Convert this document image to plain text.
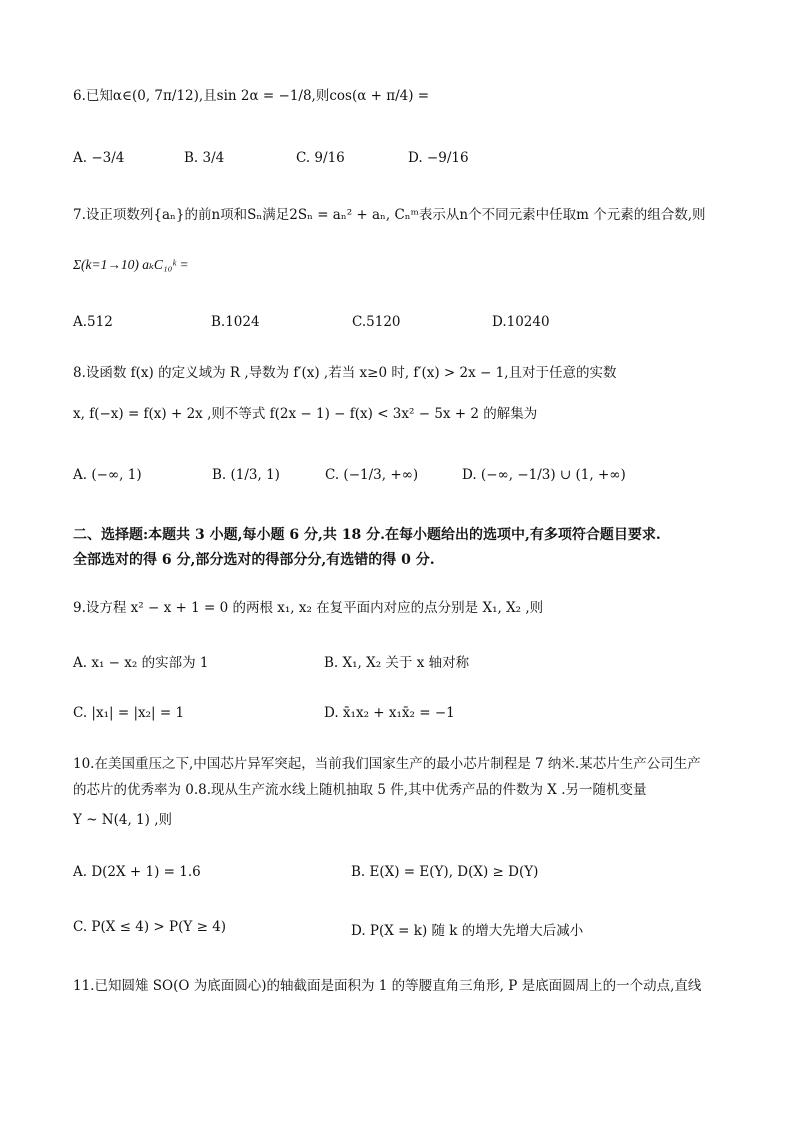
6.已知α∈(0, 7π/12),且sin 2α = −1/8,则cos(α + π/4) =
A. −3/4	B. 3/4	C. 9/16	D. −9/16
7.设正项数列{aₙ}的前n项和Sₙ满足2Sₙ = aₙ² + aₙ, Cₙᵐ表示从n个不同元素中任取m 个元素的组合数,则
Σ(k=1→10) aₖC₁₀ᵏ =
A.512	B.1024	C.5120	D.10240
8.设函数 f(x) 的定义域为 R ,导数为 f′(x) ,若当 x≥0 时, f′(x) > 2x − 1,且对于任意的实数
x, f(−x) = f(x) + 2x ,则不等式 f(2x − 1) − f(x) < 3x² − 5x + 2 的解集为
A. (−∞, 1)	B. (1/3, 1)	C. (−1/3, +∞)	D. (−∞, −1/3) ∪ (1, +∞)
二、选择题:本题共 3 小题,每小题 6 分,共 18 分.在每小题给出的选项中,有多项符合题目要求.
全部选对的得 6 分,部分选对的得部分分,有选错的得 0 分.
9.设方程 x² − x + 1 = 0 的两根 x₁, x₂ 在复平面内对应的点分别是 X₁, X₂ ,则
A. x₁ − x₂ 的实部为 1	B. X₁, X₂ 关于 x 轴对称
C. |x₁| = |x₂| = 1	D. x̄₁x₂ + x₁x̄₂ = −1
10.在美国重压之下,中国芯片异军突起，当前我们国家生产的最小芯片制程是 7 纳米.某芯片生产公司生产
的芯片的优秀率为 0.8.现从生产流水线上随机抽取 5 件,其中优秀产品的件数为 X .另一随机变量
Y ~ N(4, 1) ,则
A. D(2X + 1) = 1.6	B. E(X) = E(Y), D(X) ≥ D(Y)
C. P(X ≤ 4) > P(Y ≥ 4)	D. P(X = k) 随 k 的增大先增大后减小
11.已知圆雉 SO(O 为底面圆心)的轴截面是面积为 1 的等腰直角三角形, P 是底面圆周上的一个动点,直线
